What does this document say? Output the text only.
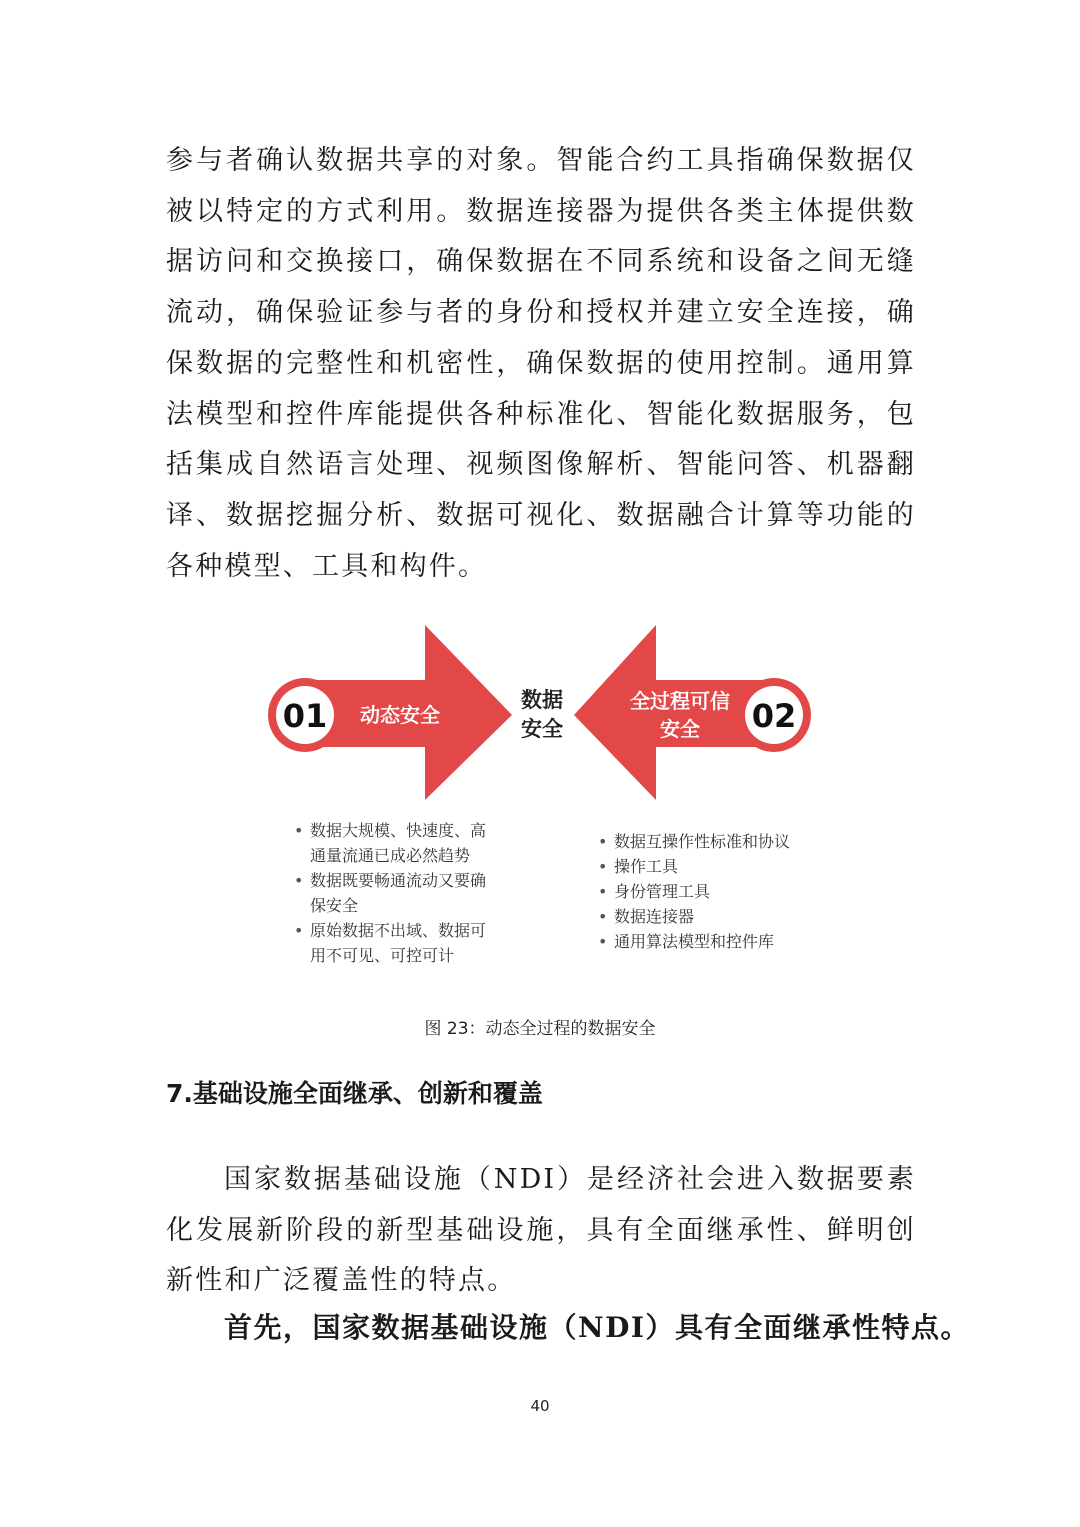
参与者确认数据共享的对象。智能合约工具指确保数据仅被以特定的方式利用。数据连接器为提供各类主体提供数据访问和交换接口，确保数据在不同系统和设备之间无缝流动，确保验证参与者的身份和授权并建立安全连接，确保数据的完整性和机密性，确保数据的使用控制。通用算法模型和控件库能提供各种标准化、智能化数据服务，包括集成自然语言处理、视频图像解析、智能问答、机器翻译、数据挖掘分析、数据可视化、数据融合计算等功能的各种模型、工具和构件。

01 动态安全	02
全过程可信
安全
数据
安全
• 数据大规模、快速度、高通量流通已成必然趋势
• 数据既要畅通流动又要确保安全
• 原始数据不出域、数据可用不可见、可控可计
• 数据互操作性标准和协议
• 操作工具
• 身份管理工具
• 数据连接器
• 通用算法模型和控件库

图 23：动态全过程的数据安全

7.基础设施全面继承、创新和覆盖

国家数据基础设施（NDI）是经济社会进入数据要素化发展新阶段的新型基础设施，具有全面继承性、鲜明创新性和广泛覆盖性的特点。

首先，国家数据基础设施（NDI）具有全面继承性特点。

40
